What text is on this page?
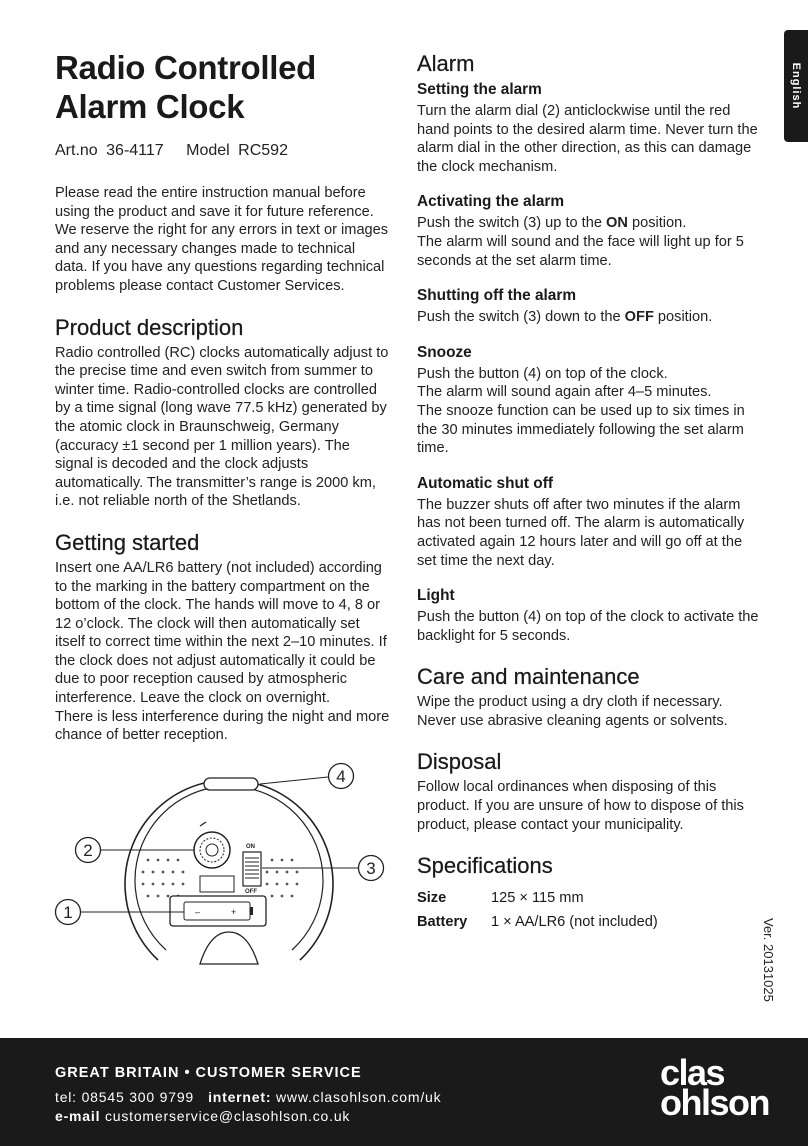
English
Ver. 20131025
Radio Controlled
Alarm Clock
Art.no 36-4117 Model RC592

Please read the entire instruction manual before using the product and save it for future reference. We reserve the right for any errors in text or images and any necessary changes made to technical data. If you have any questions regarding technical problems please contact Customer Services.

Product description

Radio controlled (RC) clocks automatically adjust to the precise time and even switch from summer to winter time. Radio-controlled clocks are controlled by a time signal (long wave 77.5 kHz) generated by the atomic clock in Braunschweig, Germany (accuracy ±1 second per 1 million years). The signal is decoded and the clock adjusts automatically. The transmitter’s range is 2000 km, i.e. not reliable north of the Shetlands.

Getting started

Insert one AA/LR6 battery (not included) according to the marking in the battery compartment on the bottom of the clock. The hands will move to 4, 8 or 12 o’clock. The clock will then automatically set itself to correct time within the next 2–10 minutes. If the clock does not adjust automatically it could be due to poor reception caused by atmospheric interference. Leave the clock on overnight.

There is less interference during the night and more chance of better reception.

ON
OFF
–	+
4
2
3
1
Alarm
Setting the alarm

Turn the alarm dial (2) anticlockwise until the red hand points to the desired alarm time. Never turn the alarm dial in the other direction, as this can damage the clock mechanism.

Activating the alarm

Push the switch (3) up to the ON position.

The alarm will sound and the face will light up for 5 seconds at the set alarm time.

Shutting off the alarm

Push the switch (3) down to the OFF position.

Snooze

Push the button (4) on top of the clock.

The alarm will sound again after 4–5 minutes.

The snooze function can be used up to six times in the 30 minutes immediately following the set alarm time.

Automatic shut off

The buzzer shuts off after two minutes if the alarm has not been turned off. The alarm is automatically activated again 12 hours later and will go off at the set time the next day.

Light

Push the button (4) on top of the clock to activate the backlight for 5 seconds.

Care and maintenance

Wipe the product using a dry cloth if necessary. Never use abrasive cleaning agents or solvents.

Disposal

Follow local ordinances when disposing of this product. If you are unsure of how to dispose of this product, please contact your municipality.

Specifications
Size	125 × 115 mm
Battery	1 × AA/LR6 (not included)
GREAT BRITAIN • CUSTOMER SERVICE
tel: 08545 300 9799 internet: www.clasohlson.com/uk
e-mail customerservice@clasohlson.co.uk
clas
ohlson
